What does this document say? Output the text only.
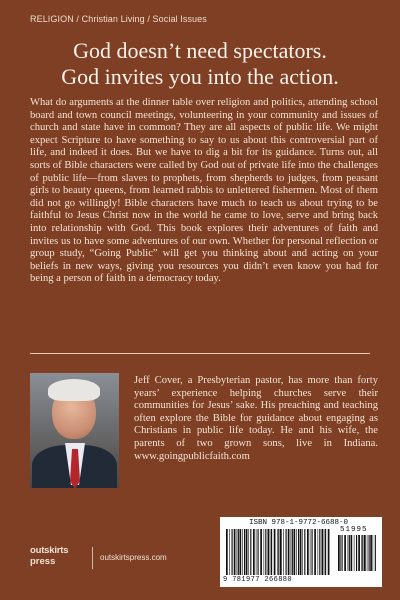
RELIGION / Christian Living / Social Issues
God doesn’t need spectators.
God invites you into the action.
What do arguments at the dinner table over religion and politics, attending school board and town council meetings, volunteering in your community and issues of church and state have in common? They are all aspects of public life. We might expect Scripture to have something to say to us about this controversial part of life, and indeed it does. But we have to dig a bit for its guidance. Turns out, all sorts of Bible characters were called by God out of private life into the challenges of public life—from slaves to prophets, from shepherds to judges, from peasant girls to beauty queens, from learned rabbis to unlettered fishermen. Most of them did not go willingly! Bible characters have much to teach us about trying to be faithful to Jesus Christ now in the world he came to love, serve and bring back into relationship with God. This book explores their adventures of faith and invites us to have some adventures of our own. Whether for personal reflection or group study, “Going Public” will get you thinking about and acting on your beliefs in new ways, giving you resources you didn’t even know you had for being a person of faith in a democracy today.
Jeff Cover, a Presbyterian pastor, has more than forty years’ experience helping churches serve their communities for Jesus’ sake. His preaching and teaching often explore the Bible for guidance about engaging as Christians in public life today. He and his wife, the parents of two grown sons, live in Indiana. www.goingpublicfaith.com
ISBN 978-1-9772-6688-0
51995
9 781977 266880
outskirts
press	outskirtspress.com
